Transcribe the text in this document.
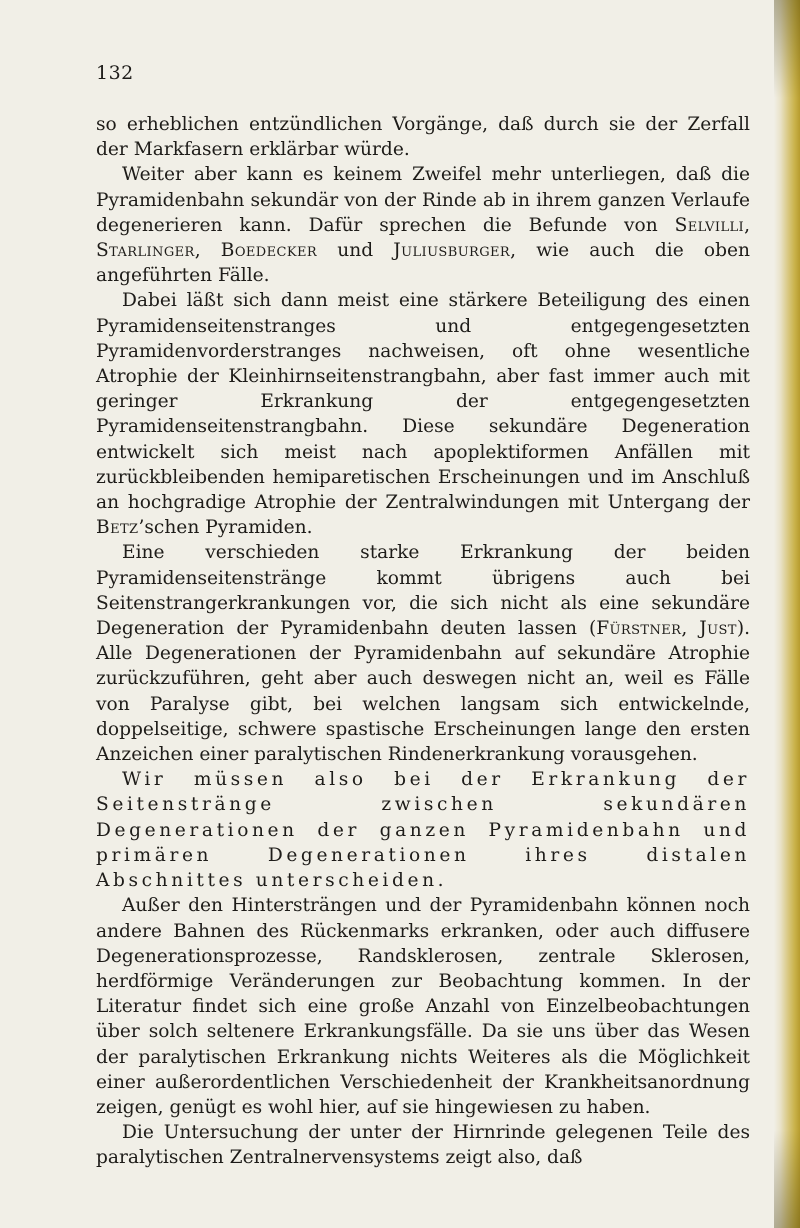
132

so erheblichen entzündlichen Vorgänge, daß durch sie der Zerfall der Markfasern erklärbar würde.

Weiter aber kann es keinem Zweifel mehr unterliegen, daß die Pyramidenbahn sekundär von der Rinde ab in ihrem ganzen Verlaufe degenerieren kann. Dafür sprechen die Befunde von Selvilli, Starlinger, Boedecker und Juliusburger, wie auch die oben angeführten Fälle.

Dabei läßt sich dann meist eine stärkere Beteiligung des einen Pyramidenseitenstranges und entgegengesetzten Pyramidenvorderstranges nachweisen, oft ohne wesentliche Atrophie der Kleinhirnseitenstrangbahn, aber fast immer auch mit geringer Erkrankung der entgegengesetzten Pyramidenseitenstrangbahn. Diese sekundäre Degeneration entwickelt sich meist nach apoplektiformen Anfällen mit zurückbleibenden hemiparetischen Erscheinungen und im Anschluß an hochgradige Atrophie der Zentralwindungen mit Untergang der Betz’schen Pyramiden.

Eine verschieden starke Erkrankung der beiden Pyramidenseitenstränge kommt übrigens auch bei Seitenstrangerkrankungen vor, die sich nicht als eine sekundäre Degeneration der Pyramidenbahn deuten lassen (Fürstner, Just). Alle Degenerationen der Pyramidenbahn auf sekundäre Atrophie zurückzuführen, geht aber auch deswegen nicht an, weil es Fälle von Paralyse gibt, bei welchen langsam sich entwickelnde, doppelseitige, schwere spastische Erscheinungen lange den ersten Anzeichen einer paralytischen Rindenerkrankung vorausgehen.

Wir müssen also bei der Erkrankung der Seitenstränge zwischen sekundären Degenerationen der ganzen Pyramidenbahn und primären Degenerationen ihres distalen Abschnittes unterscheiden.

Außer den Hintersträngen und der Pyramidenbahn können noch andere Bahnen des Rückenmarks erkranken, oder auch diffusere Degenerationsprozesse, Randsklerosen, zentrale Sklerosen, herdförmige Veränderungen zur Beobachtung kommen. In der Literatur findet sich eine große Anzahl von Einzelbeobachtungen über solch seltenere Erkrankungsfälle. Da sie uns über das Wesen der paralytischen Erkrankung nichts Weiteres als die Möglichkeit einer außerordentlichen Verschiedenheit der Krankheitsanordnung zeigen, genügt es wohl hier, auf sie hingewiesen zu haben.

Die Untersuchung der unter der Hirnrinde gelegenen Teile des paralytischen Zentralnervensystems zeigt also, daß
